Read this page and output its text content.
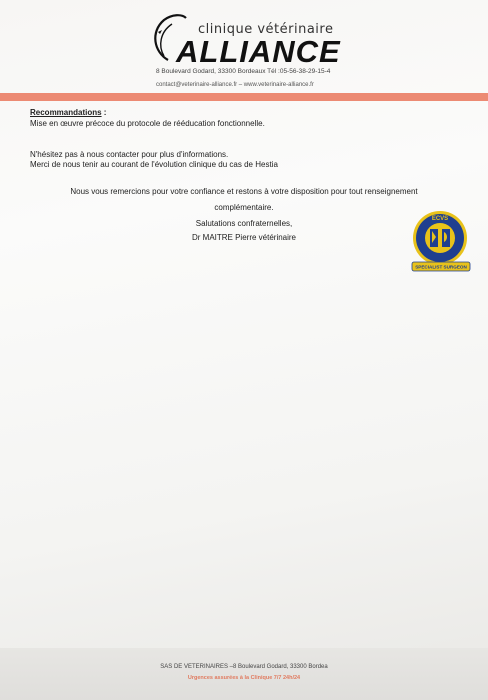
clinique vétérinaire
ALLIANCE
8 Boulevard Godard, 33300 Bordeaux Tél :05-56-38-29-15-4
contact@veterinaire-alliance.fr – www.veterinaire-alliance.fr
Recommandations :
Mise en œuvre précoce du protocole de rééducation fonctionnelle.
N'hésitez pas à nous contacter pour plus d'informations.
Merci de nous tenir au courant de l'évolution clinique du cas de Hestia
Nous vous remercions pour votre confiance et restons à votre disposition pour tout renseignement
complémentaire.
Salutations confraternelles,
Dr MAITRE Pierre vétérinaire
ECVS
SPECIALIST SURGEON
SAS DE VETERINAIRES –8 Boulevard Godard, 33300 Bordea
Urgences assurées à la Clinique 7/7 24h/24
